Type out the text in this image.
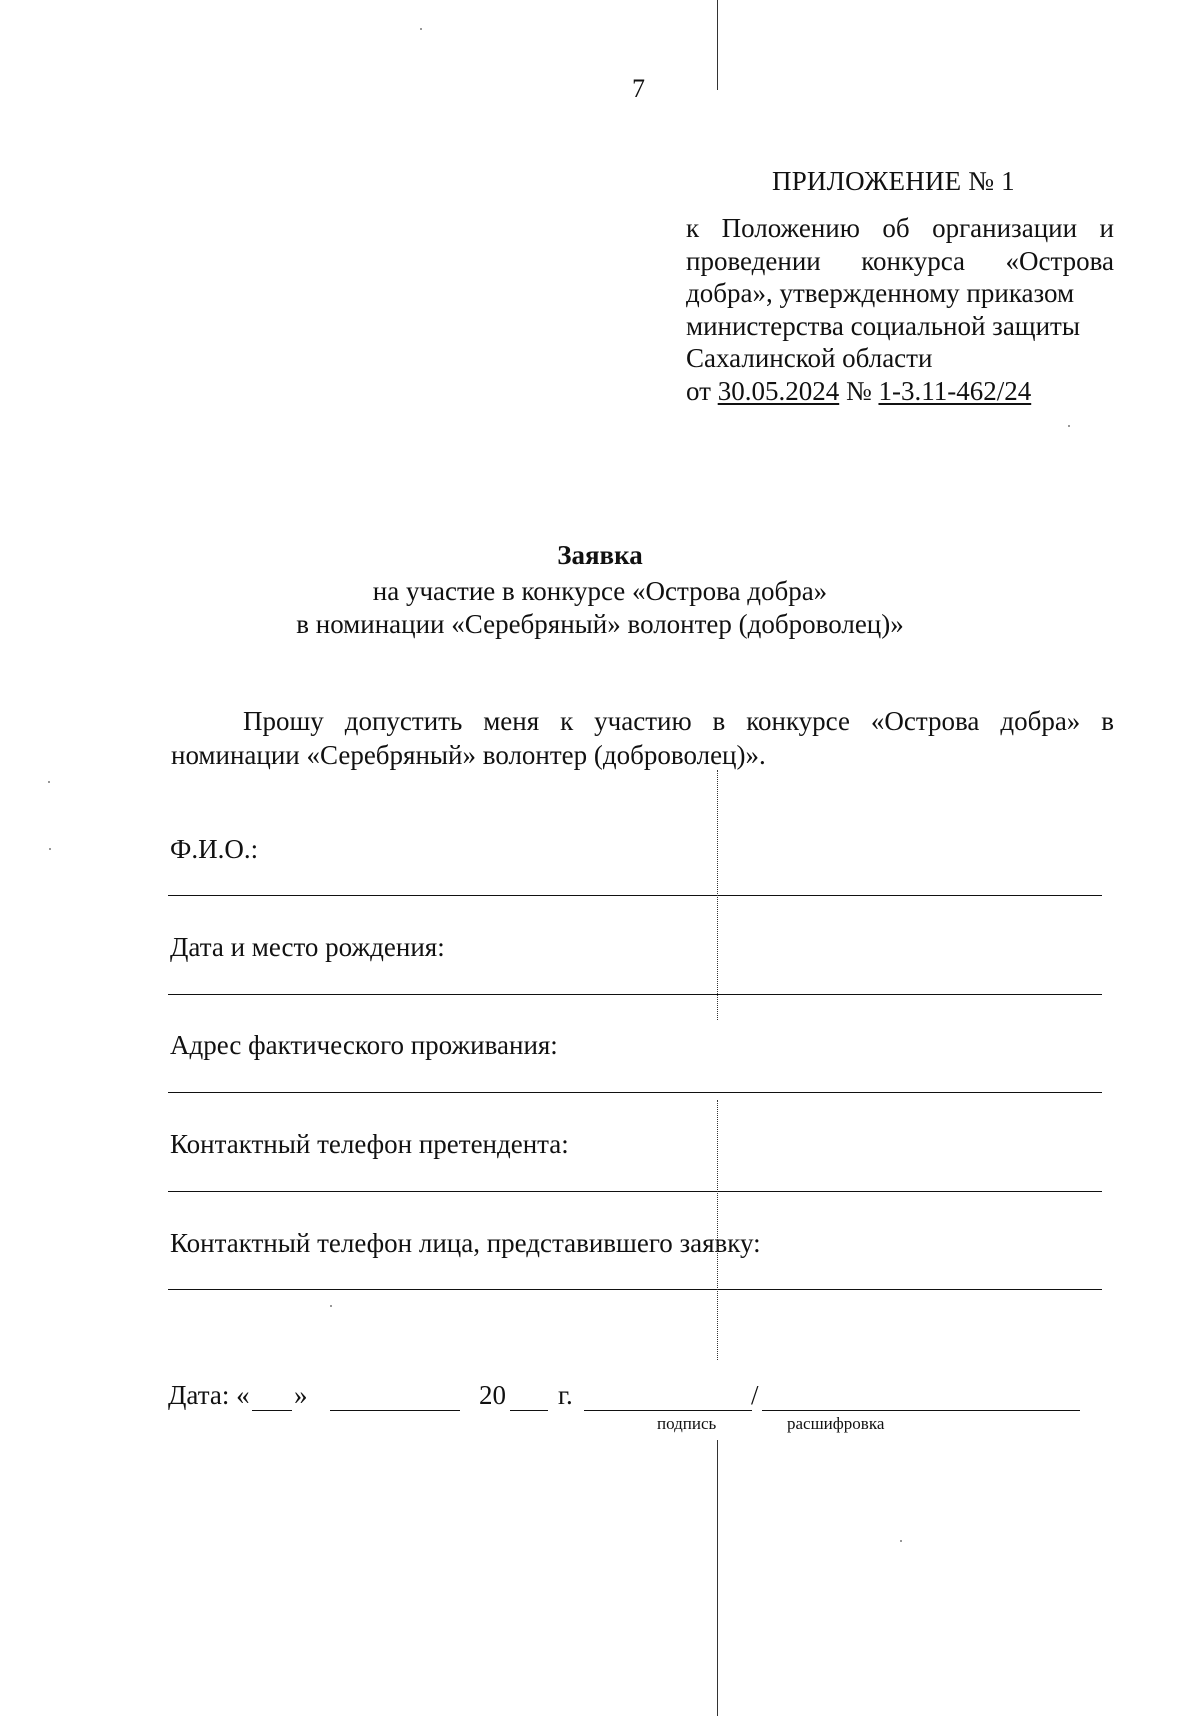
7
ПРИЛОЖЕНИЕ № 1
к Положению об организации и
проведении конкурса «Острова
добра», утвержденному приказом
министерства социальной защиты
Сахалинской области
от 30.05.2024 № 1-3.11-462/24
Заявка
на участие в конкурсе «Острова добра»
в номинации «Серебряный» волонтер (доброволец)»
Прошу допустить меня к участию в конкурсе «Острова добра» в
номинации «Серебряный» волонтер (доброволец)».
Ф.И.О.:
Дата и место рождения:
Адрес фактического проживания:
Контактный телефон претендента:
Контактный телефон лица, представившего заявку:
Дата: « »	20 г.	/
подпись	расшифровка
